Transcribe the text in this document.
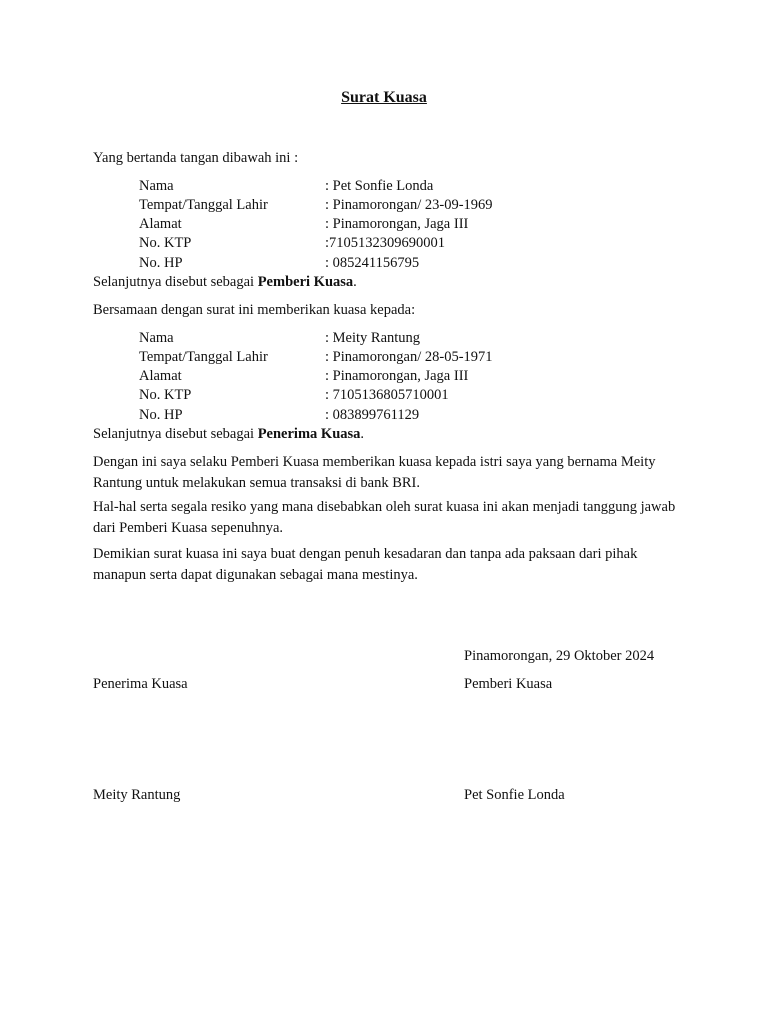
Surat Kuasa
Yang bertanda tangan dibawah ini :
Nama	: Pet Sonfie Londa
Tempat/Tanggal Lahir	: Pinamorongan/ 23-09-1969
Alamat	: Pinamorongan, Jaga III
No. KTP	:7105132309690001
No. HP	: 085241156795
Selanjutnya disebut sebagai Pemberi Kuasa.
Bersamaan dengan surat ini memberikan kuasa kepada:
Nama	: Meity Rantung
Tempat/Tanggal Lahir	: Pinamorongan/ 28-05-1971
Alamat	: Pinamorongan, Jaga III
No. KTP	: 7105136805710001
No. HP	: 083899761129
Selanjutnya disebut sebagai Penerima Kuasa.
Dengan ini saya selaku Pemberi Kuasa memberikan kuasa kepada istri saya yang bernama Meity Rantung untuk melakukan semua transaksi di bank BRI.
Hal-hal serta segala resiko yang mana disebabkan oleh surat kuasa ini akan menjadi tanggung jawab dari Pemberi Kuasa sepenuhnya.
Demikian surat kuasa ini saya buat dengan penuh kesadaran dan tanpa ada paksaan dari pihak manapun serta dapat digunakan sebagai mana mestinya.
Pinamorongan, 29 Oktober 2024
Penerima Kuasa	Pemberi Kuasa
Meity Rantung	Pet Sonfie Londa
